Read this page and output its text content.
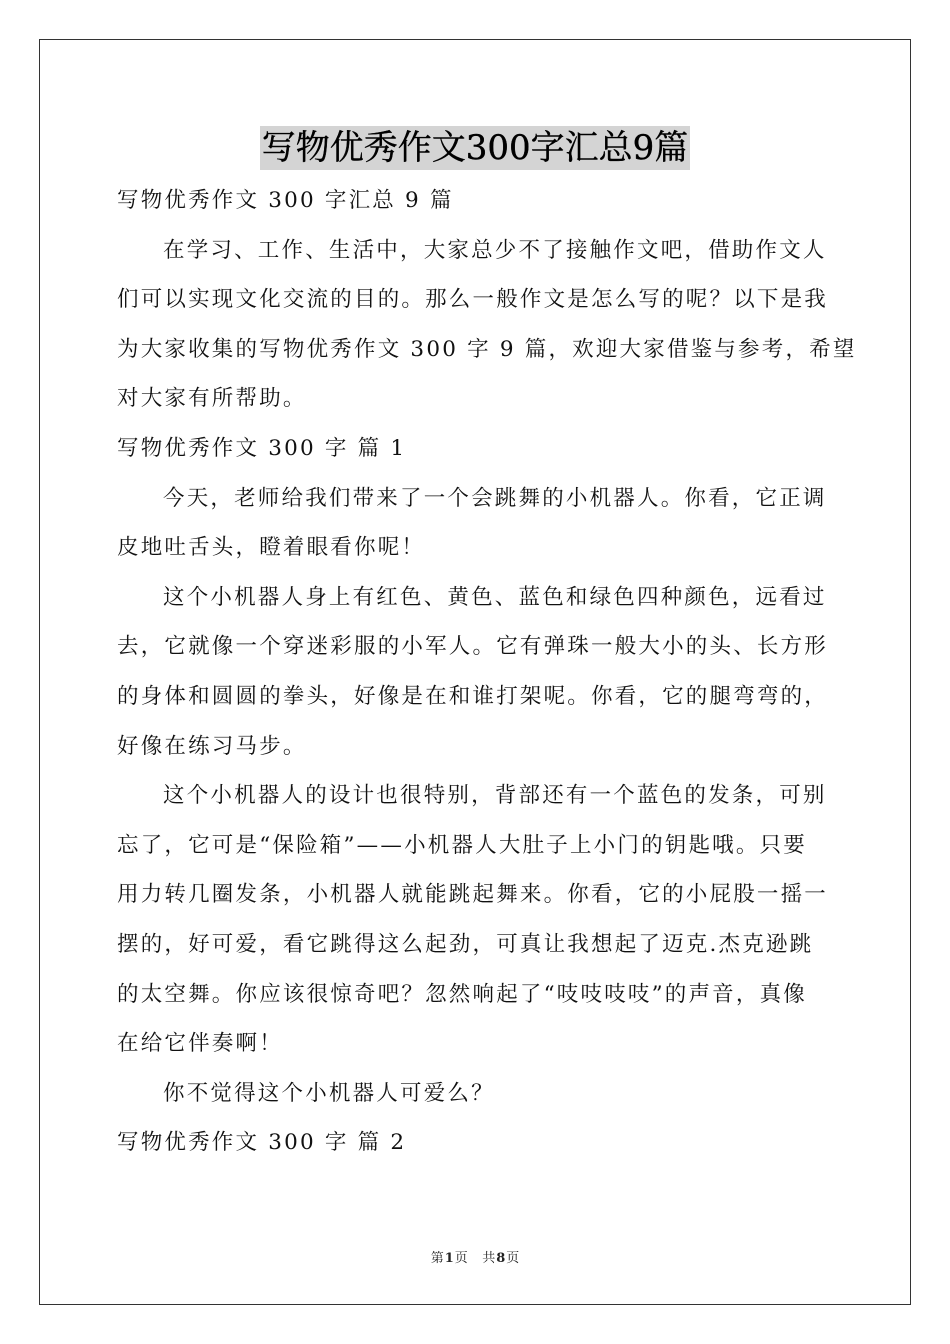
写物优秀作文300字汇总9篇
写物优秀作文 300 字汇总 9 篇
在学习、工作、生活中，大家总少不了接触作文吧，借助作文人
们可以实现文化交流的目的。那么一般作文是怎么写的呢？以下是我
为大家收集的写物优秀作文 300 字 9 篇，欢迎大家借鉴与参考，希望
对大家有所帮助。
写物优秀作文 300 字 篇 1
今天，老师给我们带来了一个会跳舞的小机器人。你看，它正调
皮地吐舌头，瞪着眼看你呢！
这个小机器人身上有红色、黄色、蓝色和绿色四种颜色，远看过
去，它就像一个穿迷彩服的小军人。它有弹珠一般大小的头、长方形
的身体和圆圆的拳头，好像是在和谁打架呢。你看，它的腿弯弯的，
好像在练习马步。
这个小机器人的设计也很特别，背部还有一个蓝色的发条，可别
忘了，它可是“保险箱”——小机器人大肚子上小门的钥匙哦。只要
用力转几圈发条，小机器人就能跳起舞来。你看，它的小屁股一摇一
摆的，好可爱，看它跳得这么起劲，可真让我想起了迈克.杰克逊跳
的太空舞。你应该很惊奇吧？忽然响起了“吱吱吱吱”的声音，真像
在给它伴奏啊！
你不觉得这个小机器人可爱么？
写物优秀作文 300 字 篇 2
第1页 共8页
